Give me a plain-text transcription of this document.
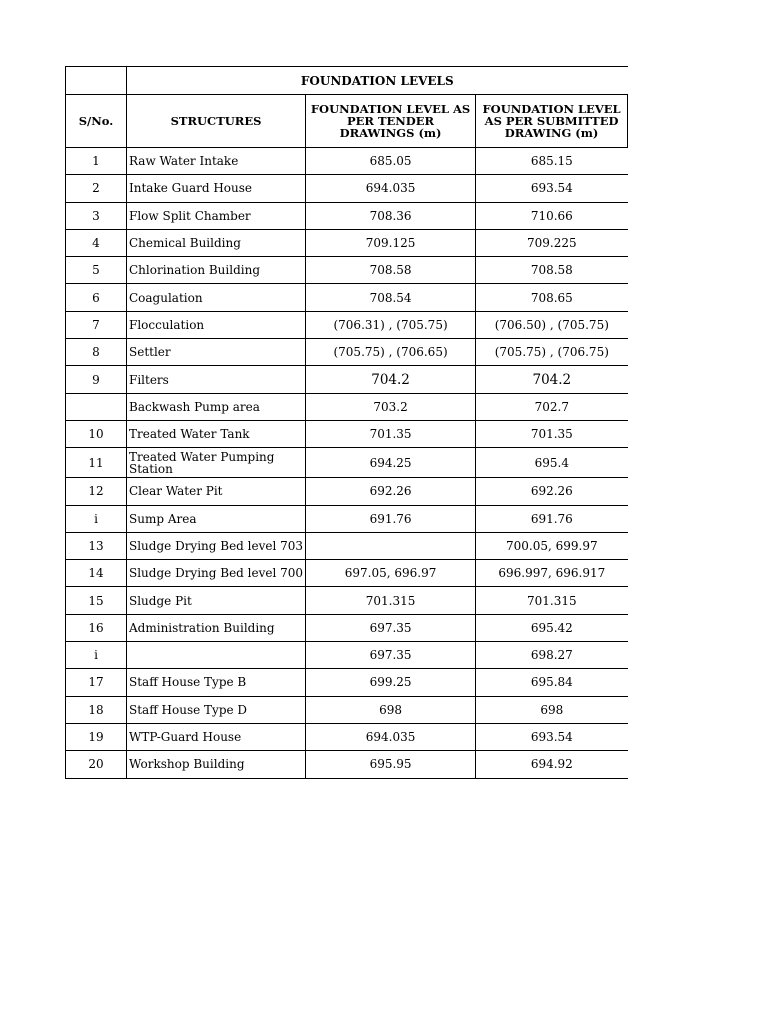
	FOUNDATION LEVELS		
S/No.	STRUCTURES	FOUNDATION LEVEL AS PER TENDER DRAWINGS (m)	FOUNDATION LEVEL AS PER SUBMITTED DRAWING (m)
1	Raw Water Intake	685.05	685.15
2	Intake Guard House	694.035	693.54
3	Flow Split Chamber	708.36	710.66
4	Chemical Building	709.125	709.225
5	Chlorination Building	708.58	708.58
6	Coagulation	708.54	708.65
7	Flocculation	(706.31) , (705.75)	(706.50) , (705.75)
8	Settler	(705.75) , (706.65)	(705.75) , (706.75)
9	Filters	704.2	704.2
	Backwash Pump area	703.2	702.7
10	Treated Water Tank	701.35	701.35
11	Treated Water Pumping Station	694.25	695.4
12	Clear Water Pit	692.26	692.26
i	Sump Area	691.76	691.76
13	Sludge Drying Bed level 703		700.05, 699.97
14	Sludge Drying Bed level 700	697.05, 696.97	696.997, 696.917
15	Sludge Pit	701.315	701.315
16	Administration Building	697.35	695.42
i		697.35	698.27
17	Staff House Type B	699.25	695.84
18	Staff House Type D	698	698
19	WTP-Guard House	694.035	693.54
20	Workshop Building	695.95	694.92
